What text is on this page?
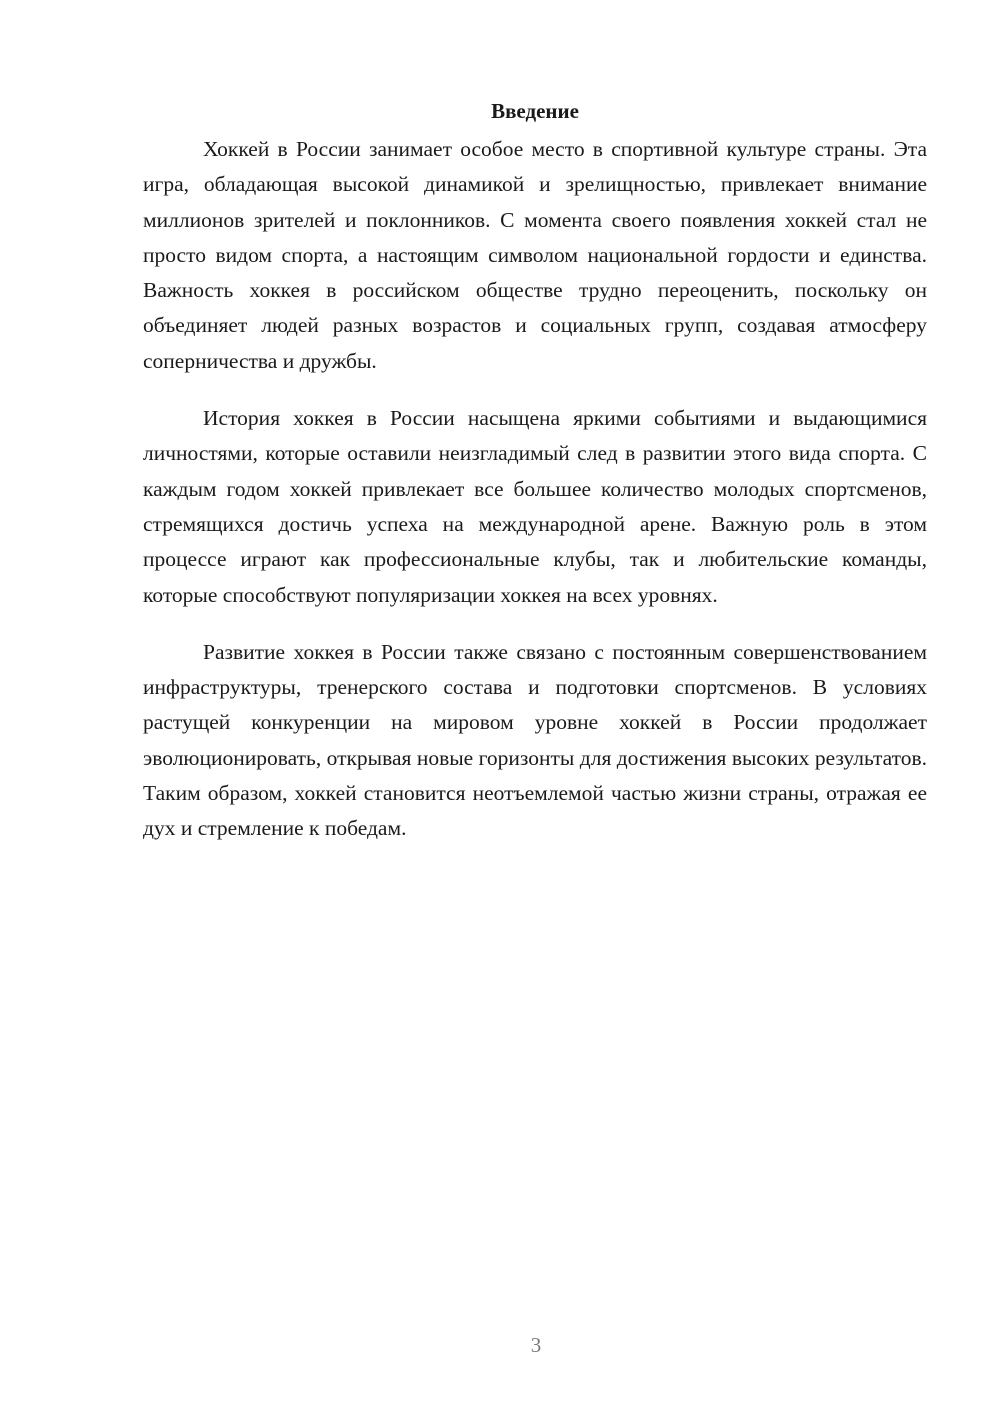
Введение

Хоккей в России занимает особое место в спортивной культуре страны. Эта игра, обладающая высокой динамикой и зрелищностью, привлекает внимание миллионов зрителей и поклонников. С момента своего появления хоккей стал не просто видом спорта, а настоящим символом национальной гордости и единства. Важность хоккея в российском обществе трудно переоценить, поскольку он объединяет людей разных возрастов и социальных групп, создавая атмосферу соперничества и дружбы.

История хоккея в России насыщена яркими событиями и выдающимися личностями, которые оставили неизгладимый след в развитии этого вида спорта. С каждым годом хоккей привлекает все большее количество молодых спортсменов, стремящихся достичь успеха на международной арене. Важную роль в этом процессе играют как профессиональные клубы, так и любительские команды, которые способствуют популяризации хоккея на всех уровнях.

Развитие хоккея в России также связано с постоянным совершенствованием инфраструктуры, тренерского состава и подготовки спортсменов. В условиях растущей конкуренции на мировом уровне хоккей в России продолжает эволюционировать, открывая новые горизонты для достижения высоких результатов. Таким образом, хоккей становится неотъемлемой частью жизни страны, отражая ее дух и стремление к победам.

3
